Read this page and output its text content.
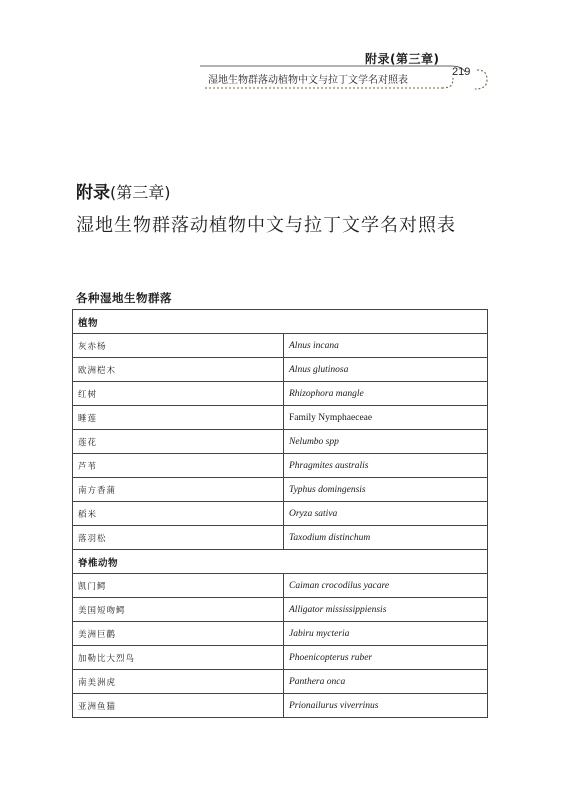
附录(第三章)
湿地生物群落动植物中文与拉丁文学名对照表
219
附录 (第三章)
湿地生物群落动植物中文与拉丁文学名对照表
各种湿地生物群落
植物	
灰赤杨	Alnus incana
欧洲桤木	Alnus glutinosa
红树	Rhizophora mangle
睡莲	Family Nymphaeceae
莲花	Nelumbo spp
芦苇	Phragmites australis
南方香蒲	Typhus domingensis
稻米	Oryza sativa
落羽松	Taxodium distinchum
脊椎动物	
凯门鳄	Caiman crocodilus yacare
美国短吻鳄	Alligator mississippiensis
美洲巨鹳	Jabiru mycteria
加勒比大烈鸟	Phoenicopterus ruber
南美洲虎	Panthera onca
亚洲鱼猫	Prionailurus viverrinus
